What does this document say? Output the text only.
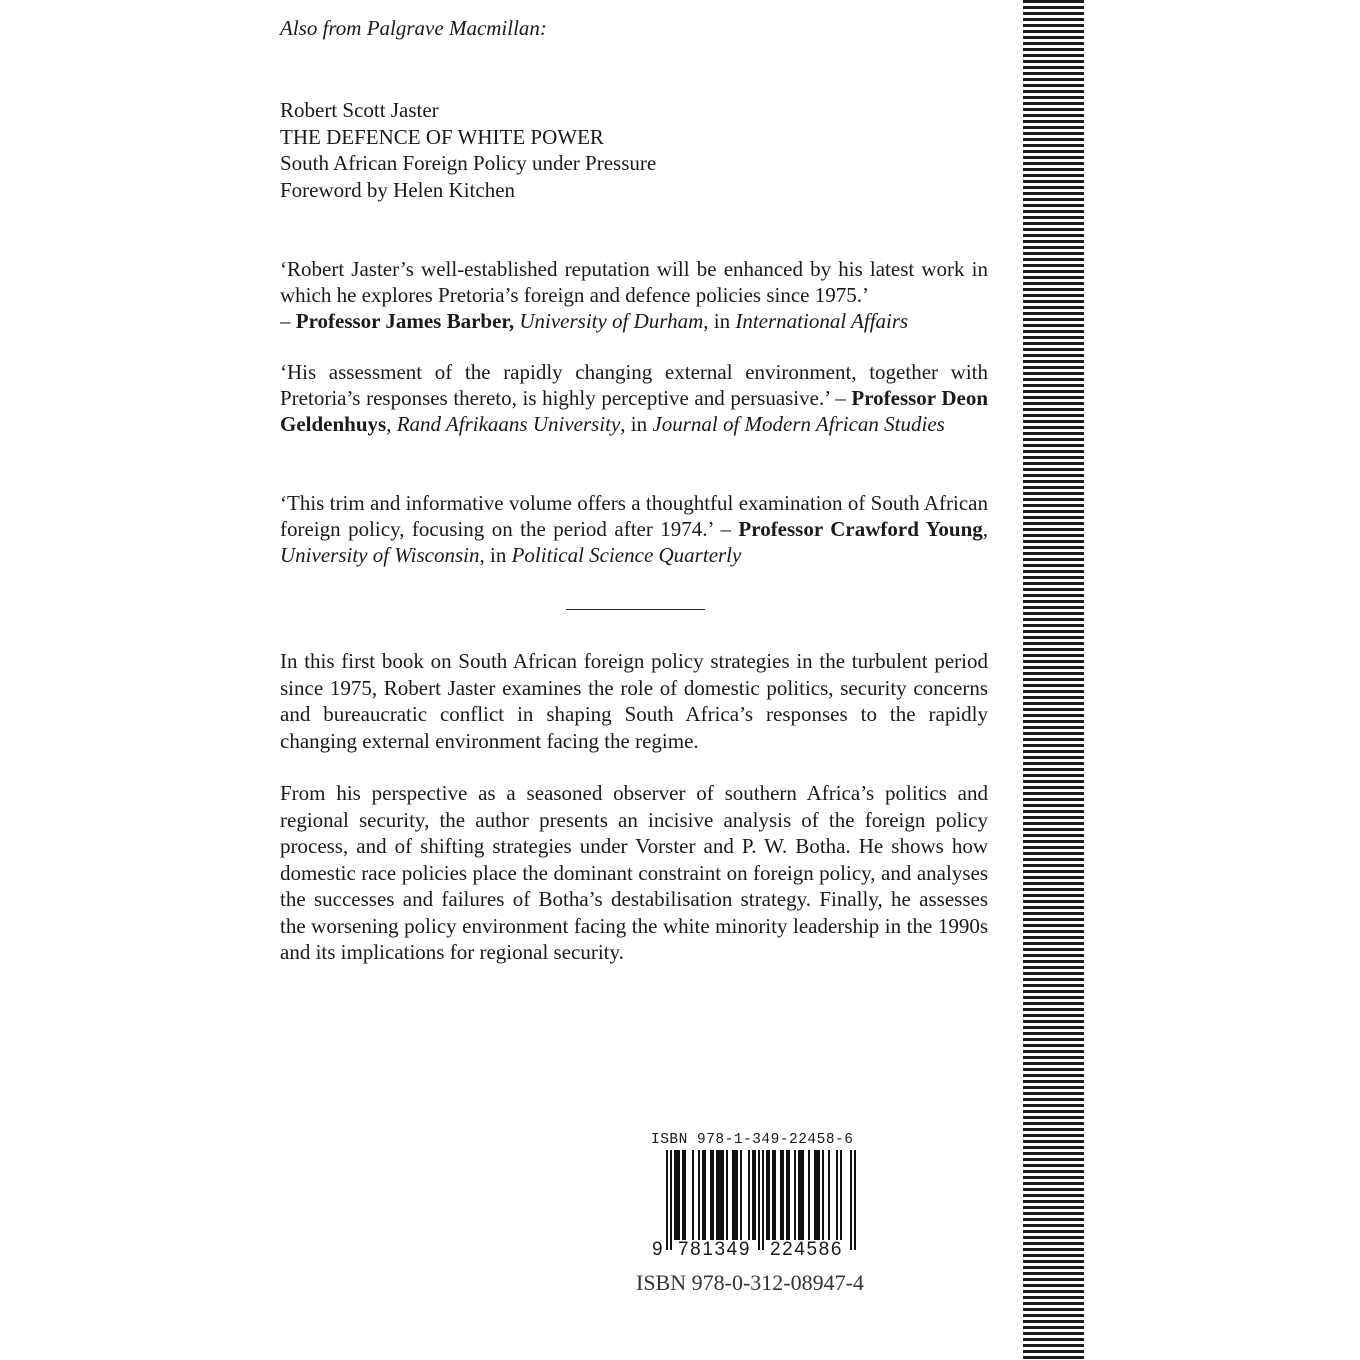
Also from Palgrave Macmillan:
Robert Scott Jaster
THE DEFENCE OF WHITE POWER
South African Foreign Policy under Pressure
Foreword by Helen Kitchen
‘Robert Jaster’s well-established reputation will be enhanced by his latest work in which he explores Pretoria’s foreign and defence policies since 1975.’
– Professor James Barber, University of Durham, in International Affairs
‘His assessment of the rapidly changing external environment, together with Pretoria’s responses thereto, is highly perceptive and persuasive.’ – Professor Deon Geldenhuys, Rand Afrikaans University, in Journal of Modern African Studies
‘This trim and informative volume offers a thoughtful examination of South African foreign policy, focusing on the period after 1974.’ – Professor Crawford Young, University of Wisconsin, in Political Science Quarterly
In this first book on South African foreign policy strategies in the turbulent period since 1975, Robert Jaster examines the role of domestic politics, security concerns and bureaucratic conflict in shaping South Africa’s responses to the rapidly changing external environment facing the regime.
From his perspective as a seasoned observer of southern Africa’s politics and regional security, the author presents an incisive analysis of the foreign policy process, and of shifting strategies under Vorster and P. W. Botha. He shows how domestic race policies place the dominant constraint on foreign policy, and analyses the successes and failures of Botha’s destabilisation strategy. Finally, he assesses the worsening policy environment facing the white minority leadership in the 1990s and its implications for regional security.
ISBN 978-1-349-22458-6
9 781349 224586
ISBN 978-0-312-08947-4
